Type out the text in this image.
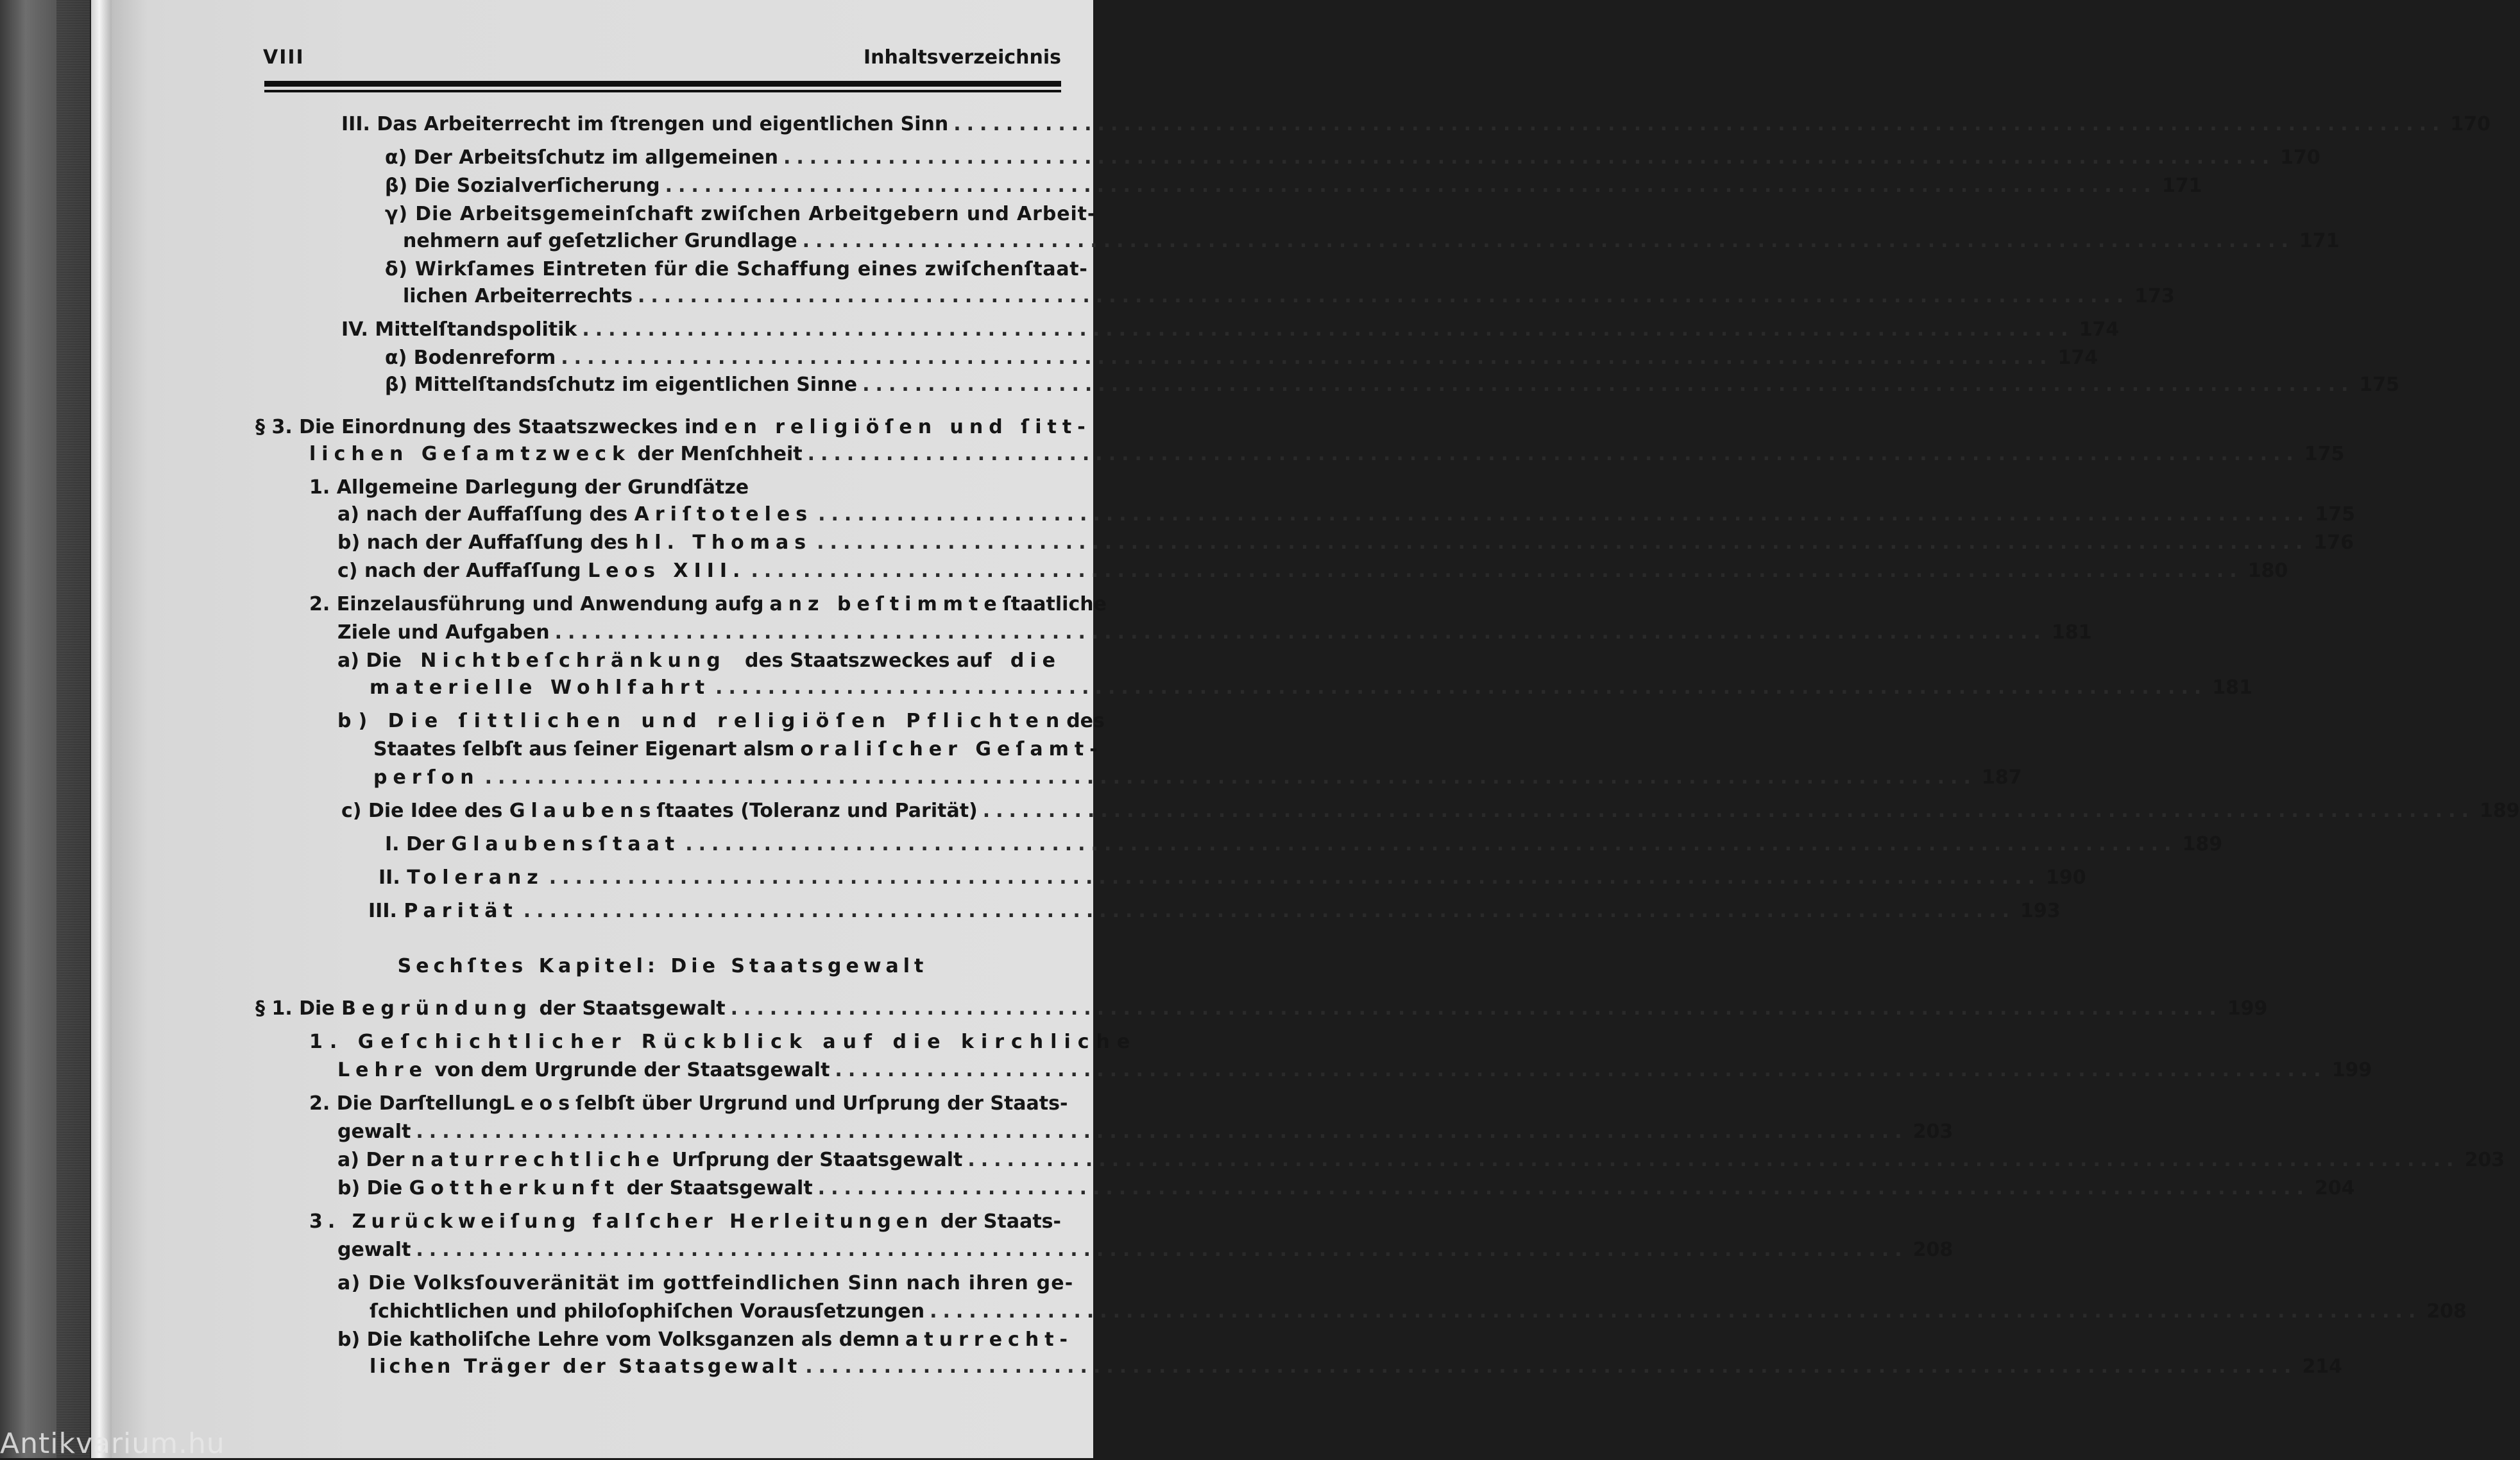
VIII	Inhaltsverzeichnis
III. Das Arbeiterrecht im ſtrengen und eigentlichen Sinn .................................................................................................................. 170
α) Der Arbeitsſchutz im allgemeinen .................................................................................................................. 170
β) Die Sozialverſicherung .................................................................................................................. 171
γ) Die Arbeitsgemeinſchaft zwiſchen Arbeitgebern und Arbeit-
nehmern auf geſetzlicher Grundlage .................................................................................................................. 171
δ) Wirkſames Eintreten für die Schaffung eines zwiſchenſtaat-
lichen Arbeiterrechts .................................................................................................................. 173
IV. Mittelſtandspolitik .................................................................................................................. 174
α) Bodenreform .................................................................................................................. 174
β) Mittelſtandsſchutz im eigentlichen Sinne .................................................................................................................. 175
§ 3. Die Einordnung des Staatszweckes in den religiöſen und ſitt-
lichen Geſamtzweck
der Menſchheit .................................................................................................................. 175
1. Allgemeine Darlegung der Grundſätze
a) nach der Auffaſſung des
Ariſtoteles .................................................................................................................. 175
b) nach der Auffaſſung des
hl. Thomas .................................................................................................................. 176
c) nach der Auffaſſung
Leos XIII. .................................................................................................................. 180
2. Einzelausführung und Anwendung auf ganz beſtimmte ſtaatliche
Ziele und Aufgaben .................................................................................................................. 181
a) Die Nichtbeſchränkung des Staatszweckes auf die
materielle Wohlfahrt .................................................................................................................. 181
b) Die ſittlichen und religiöſen Pflichten des
Staates ſelbſt aus ſeiner Eigenart als moraliſcher Geſamt-
perſon .................................................................................................................. 187
c) Die Idee des
Glaubens ſtaates (Toleranz und Parität) .................................................................................................................. 189
I. Der
Glaubensſtaat .................................................................................................................. 189
II.
Toleranz .................................................................................................................. 190
III.
Parität .................................................................................................................. 193
Sechſtes Kapitel: Die Staatsgewalt
§ 1. Die
Begründung
der Staatsgewalt .................................................................................................................. 199
1. Geſchichtlicher Rückblick auf die kirchliche
Lehre
von dem Urgrunde der Staatsgewalt .................................................................................................................. 199
2. Die Darſtellung Leos ſelbſt über Urgrund und Urſprung der Staats-
gewalt .................................................................................................................. 203
a) Der
naturrechtliche
Urſprung der Staatsgewalt .................................................................................................................. 203
b) Die
Gottherkunft
der Staatsgewalt .................................................................................................................. 204
3. Zurückweiſung falſcher Herleitungen der Staats-
gewalt .................................................................................................................. 208
a) Die Volksſouveränität im gottfeindlichen Sinn nach ihren ge-
ſchichtlichen und philoſophiſchen Vorausſetzungen .................................................................................................................. 208
b) Die katholiſche Lehre vom Volksganzen als dem naturrecht-
lichen Träger der Staatsgewalt .................................................................................................................. 214
Antikvarium.hu
